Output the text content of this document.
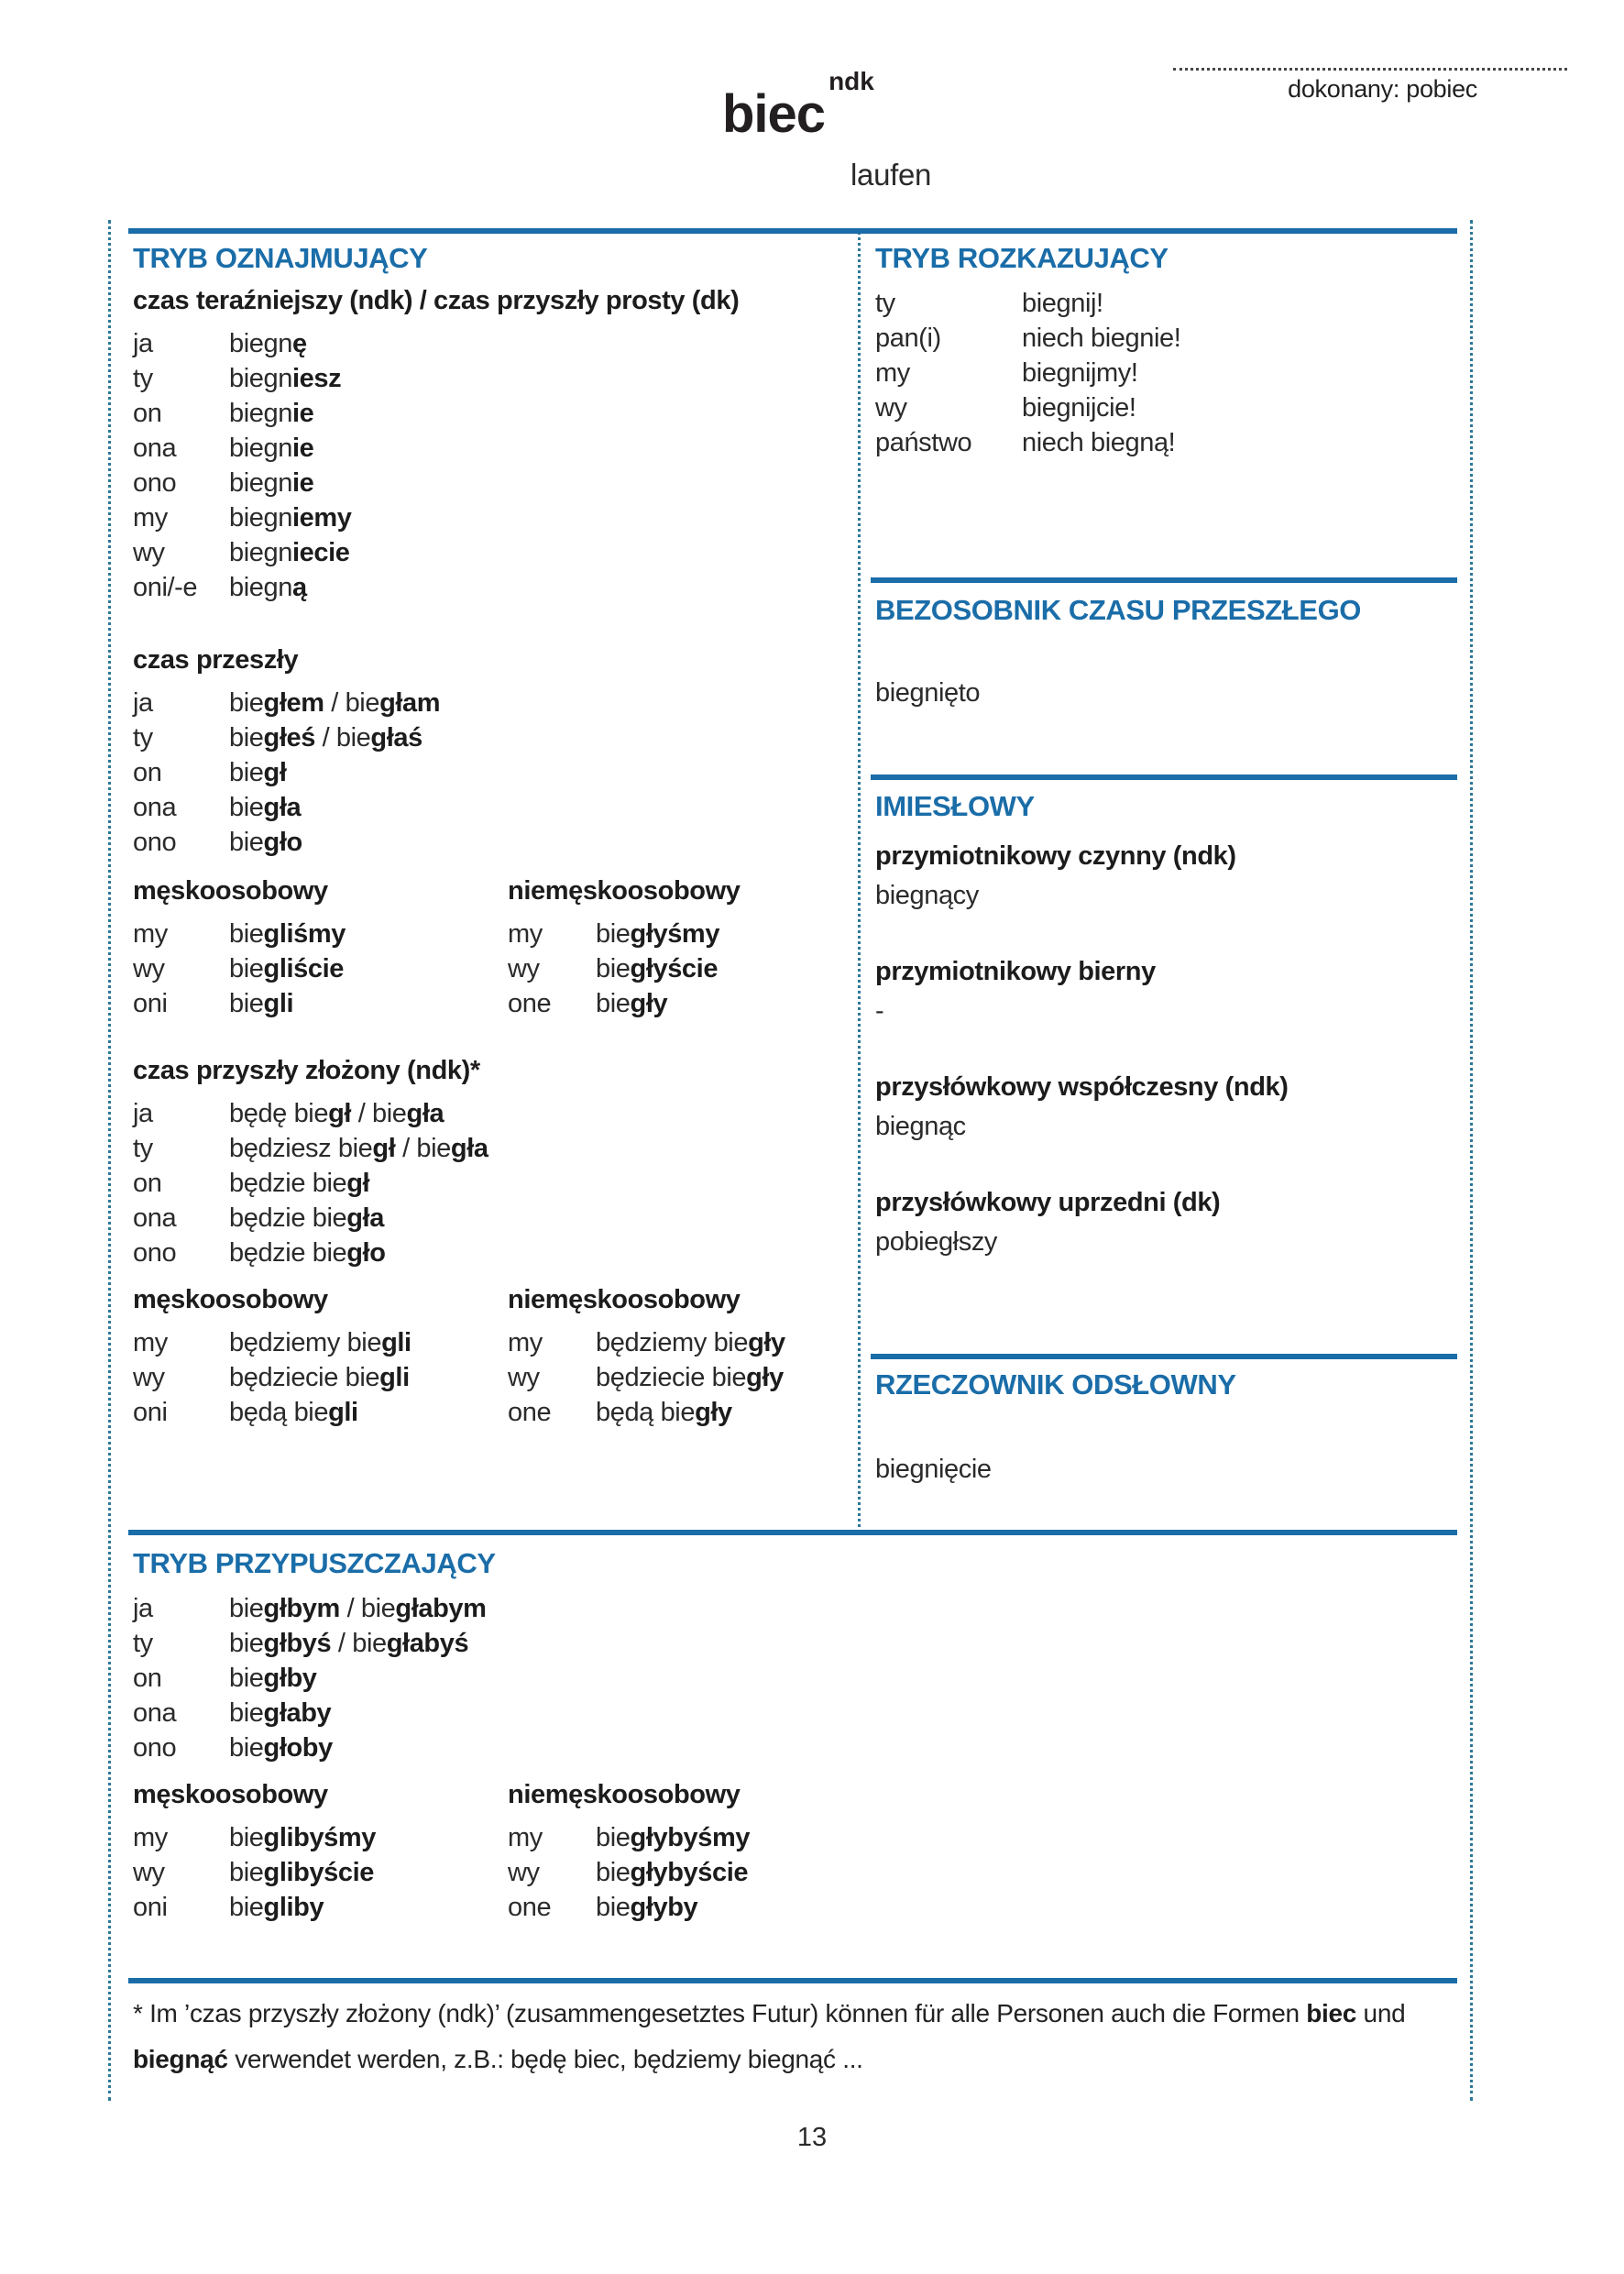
dokonany: pobiec
biec$^{ndk}$
laufen
TRYB OZNAJMUJĄCY
czas teraźniejszy (ndk) / czas przyszły prosty (dk)
ja	biegnę
ty	biegniesz
on	biegnie
ona	biegnie
ono	biegnie
my	biegniemy
wy	biegniecie
oni/-e	biegną
czas przeszły
ja	biegłem / biegłam
ty	biegłeś / biegłaś
on	biegł
ona	biegła
ono	biegło
męskoosobowy
my	biegliśmy
wy	biegliście
oni	biegli
niemęskoosobowy
my	biegłyśmy
wy	biegłyście
one	biegły
czas przyszły złożony (ndk)*
ja	będę biegł / biegła
ty	będziesz biegł / biegła
on	będzie biegł
ona	będzie biegła
ono	będzie biegło
męskoosobowy
my	będziemy biegli
wy	będziecie biegli
oni	będą biegli
niemęskoosobowy
my	będziemy biegły
wy	będziecie biegły
one	będą biegły
TRYB ROZKAZUJĄCY
ty	biegnij!
pan(i)	niech biegnie!
my	biegnijmy!
wy	biegnijcie!
państwo	niech biegną!
BEZOSOBNIK CZASU PRZESZŁEGO
biegnięto
IMIESŁOWY
przymiotnikowy czynny (ndk)
biegnący
przymiotnikowy bierny
-
przysłówkowy współczesny (ndk)
biegnąc
przysłówkowy uprzedni (dk)
pobiegłszy
RZECZOWNIK ODSŁOWNY
biegnięcie
TRYB PRZYPUSZCZAJĄCY
ja	biegłbym / biegłabym
ty	biegłbyś / biegłabyś
on	biegłby
ona	biegłaby
ono	biegłoby
męskoosobowy
my	bieglibyśmy
wy	bieglibyście
oni	biegliby
niemęskoosobowy
my	biegłybyśmy
wy	biegłybyście
one	biegłyby
* Im ’czas przyszły złożony (ndk)’ (zusammengesetztes Futur) können für alle Personen auch die Formen biec und biegnąć verwendet werden, z.B.: będę biec, będziemy biegnąć ...
13
